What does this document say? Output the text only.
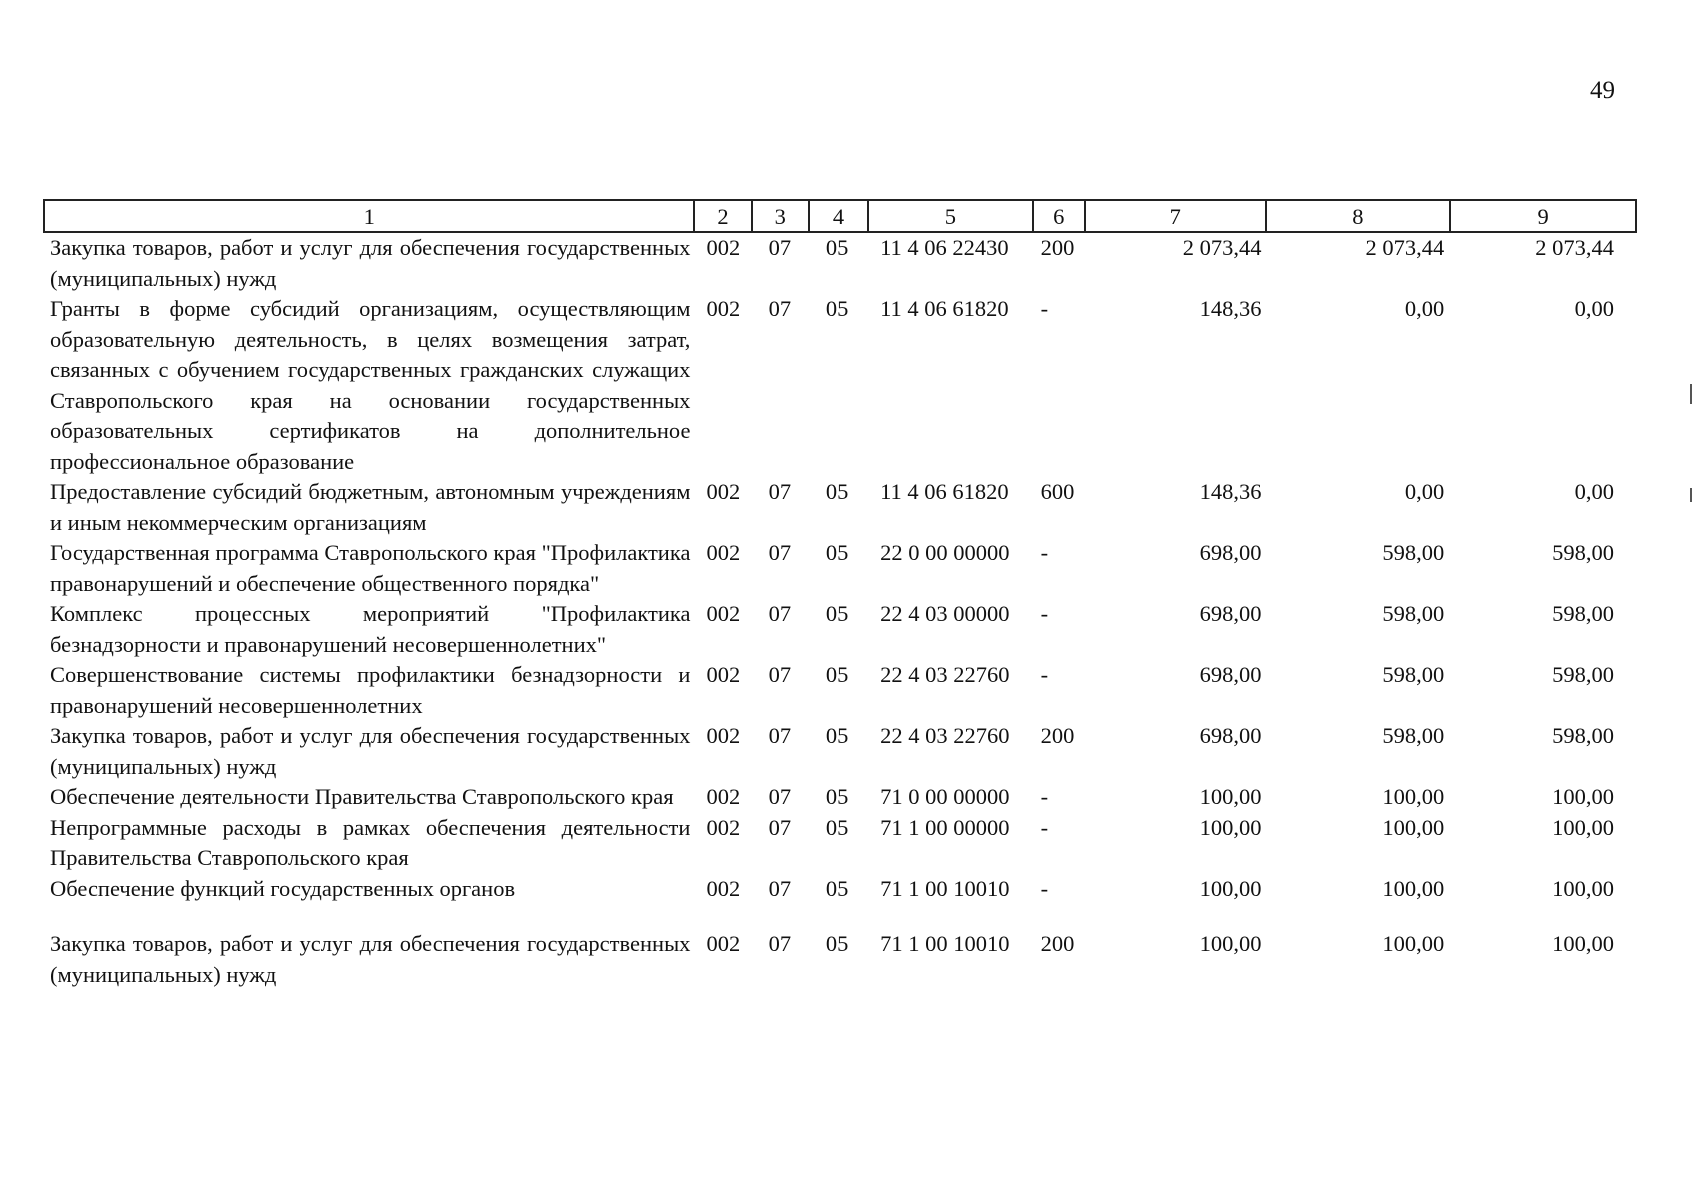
49
1	2	3	4	5	6	7	8	9
Закупка товаров, работ и услуг для обеспечения государственных (муниципальных) нужд	002	07	05	11 4 06 22430	200	2 073,44	2 073,44	2 073,44
Гранты в форме субсидий организациям, осуществляющим образовательную деятельность, в целях возмещения затрат, связанных с обучением государственных гражданских служащих Ставропольского края на основании государственных образовательных сертификатов на дополнительное профессиональное образование	002	07	05	11 4 06 61820	-	148,36	0,00	0,00
Предоставление субсидий бюджетным, автономным учреждениям и иным некоммерческим организациям	002	07	05	11 4 06 61820	600	148,36	0,00	0,00
Государственная программа Ставропольского края "Профилактика правонарушений и обеспечение общественного порядка"	002	07	05	22 0 00 00000	-	698,00	598,00	598,00
Комплекс процессных мероприятий "Профилактика безнадзорности и правонарушений несовершеннолетних"	002	07	05	22 4 03 00000	-	698,00	598,00	598,00
Совершенствование системы профилактики безнадзорности и правонарушений несовершеннолетних	002	07	05	22 4 03 22760	-	698,00	598,00	598,00
Закупка товаров, работ и услуг для обеспечения государственных (муниципальных) нужд	002	07	05	22 4 03 22760	200	698,00	598,00	598,00
Обеспечение деятельности Правительства Ставропольского края	002	07	05	71 0 00 00000	-	100,00	100,00	100,00
Непрограммные расходы в рамках обеспечения деятельности Правительства Ставропольского края	002	07	05	71 1 00 00000	-	100,00	100,00	100,00
Обеспечение функций государственных органов	002	07	05	71 1 00 10010	-	100,00	100,00	100,00
Закупка товаров, работ и услуг для обеспечения государственных (муниципальных) нужд	002	07	05	71 1 00 10010	200	100,00	100,00	100,00
